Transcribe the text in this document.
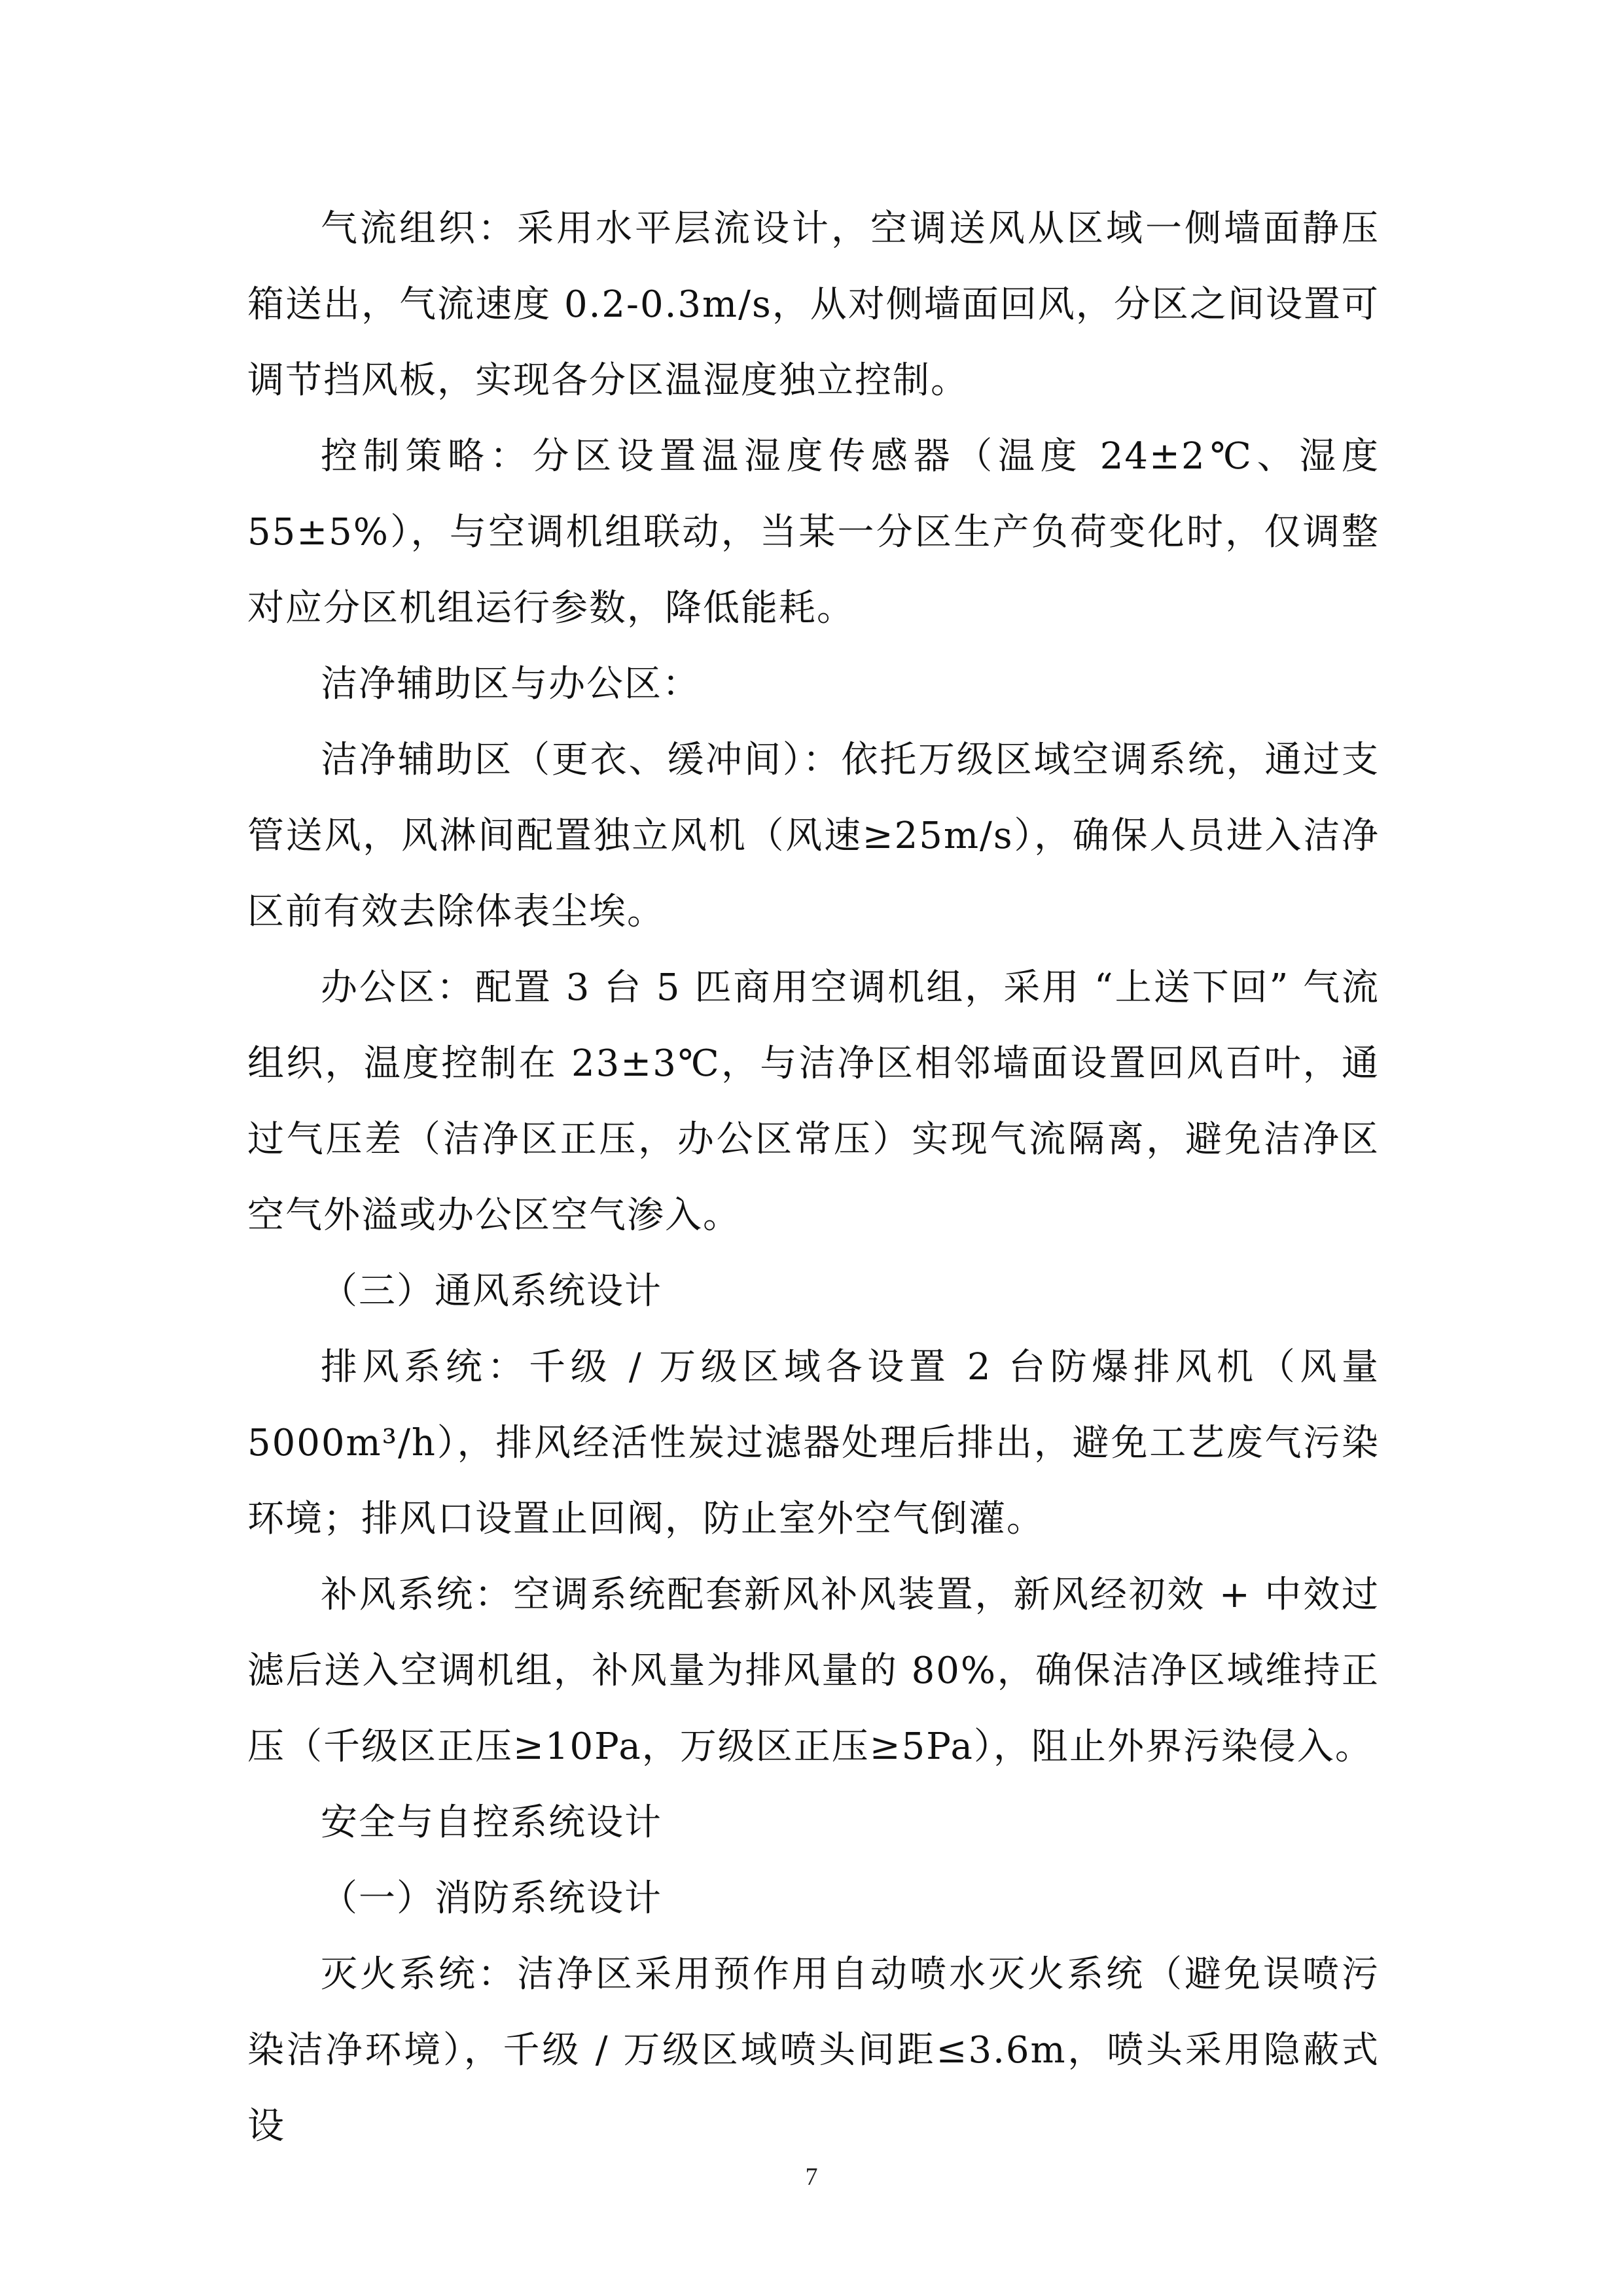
气流组织：采用水平层流设计，空调送风从区域一侧墙面静压箱送出，气流速度 0.2-0.3m/s，从对侧墙面回风，分区之间设置可调节挡风板，实现各分区温湿度独立控制。

控制策略：分区设置温湿度传感器（温度 24±2℃、湿度 55±5%），与空调机组联动，当某一分区生产负荷变化时，仅调整对应分区机组运行参数，降低能耗。

洁净辅助区与办公区：

洁净辅助区（更衣、缓冲间）：依托万级区域空调系统，通过支管送风，风淋间配置独立风机（风速≥25m/s），确保人员进入洁净区前有效去除体表尘埃。

办公区：配置 3 台 5 匹商用空调机组，采用 “上送下回” 气流组织，温度控制在 23±3℃，与洁净区相邻墙面设置回风百叶，通过气压差（洁净区正压，办公区常压）实现气流隔离，避免洁净区空气外溢或办公区空气渗入。

（三）通风系统设计

排风系统：千级 / 万级区域各设置 2 台防爆排风机（风量 5000m³/h），排风经活性炭过滤器处理后排出，避免工艺废气污染环境；排风口设置止回阀，防止室外空气倒灌。

补风系统：空调系统配套新风补风装置，新风经初效 + 中效过滤后送入空调机组，补风量为排风量的 80%，确保洁净区域维持正压（千级区正压≥10Pa，万级区正压≥5Pa），阻止外界污染侵入。

安全与自控系统设计

（一）消防系统设计

灭火系统：洁净区采用预作用自动喷水灭火系统（避免误喷污染洁净环境），千级 / 万级区域喷头间距≤3.6m，喷头采用隐蔽式设

7
